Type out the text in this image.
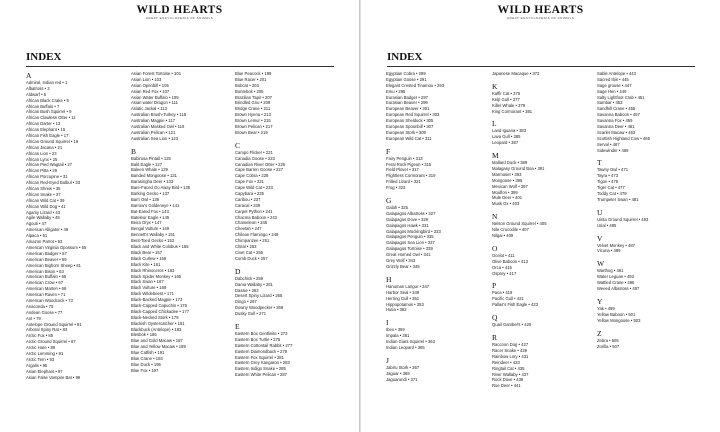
WILD HEARTS
GREAT ENCYCLOPEDIA OF ANIMALS
INDEX
A
Admiral, Indian red • 1
Albatross • 3
Aldwarf • 5
African Black Crake • 5
African Buffalo • 7
African Bush Squirrel • 9
African Clawless Otter • 11
African Darter • 13
African Elephant • 15
African Fish Eagle • 17
African Ground Squirrel • 19
African Jacana • 21
African Lion • 23
African Lynx • 25
African Pied Wagtail • 27
African Pitta • 29
African Porcupine • 31
African Red-Eyed Bulbul • 33
African Shrew • 35
African Snake • 37
African Wild Cat • 39
African Wild Dog • 41
Agamy Lizard • 43
Agile Wallaby • 45
Agouti • 47
American Alligator • 49
Alpaca • 51
Amazon Parrot • 53
American Virginia Opossum • 55
American Badger • 57
American Beaver • 59
American Bighorn Sheep • 61
American Bison • 63
American Buffalo • 65
American Crow • 67
American Marten • 69
American Raven • 71
American Woodcock • 73
Anaconda • 75
Andean Goose • 77
Ant • 79
Antelope Ground Squirrel • 81
Arboral Spiny Rat • 83
Arctic Fox • 85
Arctic Ground Squirrel • 87
Arctic Hare • 89
Arctic Lemming • 91
Arctic Tern • 93
Argalis • 95
Asian Elephant • 97
Asian False Vampire Bat • 99
Asian Forest Tortoise • 101
Asian Lion • 103
Asian Openbill • 105
Asian Red Fox • 107
Asian Water Buffalo • 109
Asian water Dragon • 111
Asiatic Jackal • 113
Australian Brush-Turkey • 115
Australian Magpie • 117
Australian Masked Owl • 119
Australian Pelican • 121
Australian Sea Lion • 123
B
Babirusa Pintail • 125
Bald Eagle • 127
Baleen Whale • 129
Banded Mongoose • 131
Barasingha Deer • 133
Bare-Faced Go Away Bird • 135
Barking Gecko • 137
Barn Owl • 139
Barrow's Goldeneye • 141
Bat-Eared Fox • 143
Bateleur Eagle • 145
Beira Oryx • 147
Bengal Vulture • 149
Bennett's Wallaby • 151
Bent-Toed Gecko • 153
Black and White Colobus • 155
Black Bear • 157
Black Curlew • 159
Black Kite • 161
Black Rhinoceros • 163
Black Spider Monkey • 165
Black Swan • 167
Black Vulture • 169
Black Wildebeest • 171
Black-Backed Magpie • 173
Black-Capped Capuchin • 175
Black-Capped Chickadee • 177
Black-Necked Stork • 179
Blackish Oystercatcher • 181
Blackbuck (Antelope) • 183
Blesbok • 185
Blue and Gold Macaw • 187
Blue and Yellow Macaw • 189
Blue Catfish • 191
Blue Crane • 193
Blue Duck • 195
Blue Fox • 197
Blue Peacock • 199
Blue Racer • 201
Bobcat • 203
Bontebok • 205
Brazilian Tapir • 207
Brindled Gnu • 209
Bridge Crane • 211
Brown Hyena • 213
Brown Lemur • 215
Brown Pelican • 217
Brown Bear • 219
C
Campo Flicker • 221
Canadia Goose • 223
Canadian River Otter • 225
Cape Barren Goose • 227
Cape Cobra • 229
Cape Fox • 231
Cape Wild Cat • 233
Capybara • 235
Caribou • 237
Caracal • 239
Carpet Python • 241
Chacma Baboon • 243
Chameleon • 245
Cheetah • 247
Chilean Flamingo • 249
Chimpanzee • 251
Chital • 253
Civet Cat • 255
Comb Duck • 257
D
Dabchick • 259
Dama Wallaby • 261
Dassie • 263
Desert Spiny Lizard • 265
Dingo • 267
Downy Woodpecker • 269
Dusky Gull • 271
E
Eastern Box Gentlinite • 273
Eastern Box Turtle • 275
Eastern Cottontail Rabbit • 277
Eastern Diamondback • 279
Eastern Fox Squirrel • 281
Eastern Grey Kangaroo • 283
Eastern Indigo Snake • 285
Eastern White Pelican • 287
WILD HEARTS
GREAT ENCYCLOPEDIA OF ANIMALS
INDEX
Egyptian Cobra • 289
Egyptian Goose • 291
Elegant Crested Tinamou • 293
Emu • 295
Eurasian Badger • 297
Eurasian Beaver • 299
European Beaver • 301
European Red Squirrel • 303
European Shelduck • 305
European Spoonbill • 307
European Stork • 309
European Wild Cat • 311
F
Fairy Penguin • 313
Feral Rock Pigeon • 315
Field Plover • 317
Flightless Cormorant • 319
Frilled Lizard • 321
Frog • 323
G
Galah • 325
Galapagos Albatross • 327
Galapagos Dove • 329
Galapagos Hawk • 331
Galapagos Mockingbird • 333
Galapagos Penguin • 335
Galapagos Sea Lion • 337
Galapagos Tortoise • 339
Great Horned Owl • 341
Grey Wolf • 343
Grizzly Bear • 345
H
Hanuman Langur • 347
Harbor Seal • 349
Herring Gull • 351
Hippopotamus • 353
Hutia • 352
I
Ibex • 359
Impala • 361
Indian Giant Squirrel • 363
Indian Leopard • 365
J
Jabiru Stork • 367
Jaguar • 369
Jaguarundi • 371
Japanese Macaque • 373
K
Kaffir Cat • 375
Kelp Gull • 377
Killer Whale • 379
King Cormorant • 381
L
Land Iguana • 383
Lava Gull • 385
Leopard • 387
M
Mallard Duck • 389
Malagasy Ground Boa • 391
Marmoset • 393
Mongoose • 395
Mexican Wolf • 397
Mouflon • 399
Mule Deer • 401
Musk Ox • 403
N
Nelson Ground Squirrel • 405
Nile Crocodile • 407
Nilgai • 409
O
Ocelot • 411
Olive Baboon • 413
Orca • 415
Osprey • 417
P
Paca • 419
Pacific Gull • 421
Pallas's Fish Eagle • 423
Q
Quail Gambel's • 425
R
Raccoon Dog • 427
Racer Snake • 429
Rainbow Lory • 431
Reindeer • 433
Ringtail Cat • 435
River Wallaby • 437
Rock Dove • 439
Roe Deer • 441
Sable Antelope • 443
Sacred Ibis • 445
Sage grouse • 447
Sage Hen • 449
Salty Lightfoot Crab • 451
Sambar • 453
Sandhill Crane • 455
Savanna Baboon • 457
Savanna Fox • 459
Savanna Deer • 461
Scarlet Macaw • 463
Scottish Highland Cow • 465
Serval • 467
Sidewinder • 469
T
Tawny Owl • 471
Tayra • 473
Tigon • 475
Tiger Cat • 477
Toddy Cat • 479
Trumpeter Swan • 481
U
Uinta Ground Squirrel • 483
Urial • 485
V
Velvet Monkey • 487
Vicuna • 489
W
Warthog • 491
Water Leguan • 493
Wattled Crane • 495
Weeed Albatross • 497
Y
Yak • 499
Yellow Baboon • 501
Yellow Mongoose • 503
Z
Zebra • 505
Zorilla • 507
